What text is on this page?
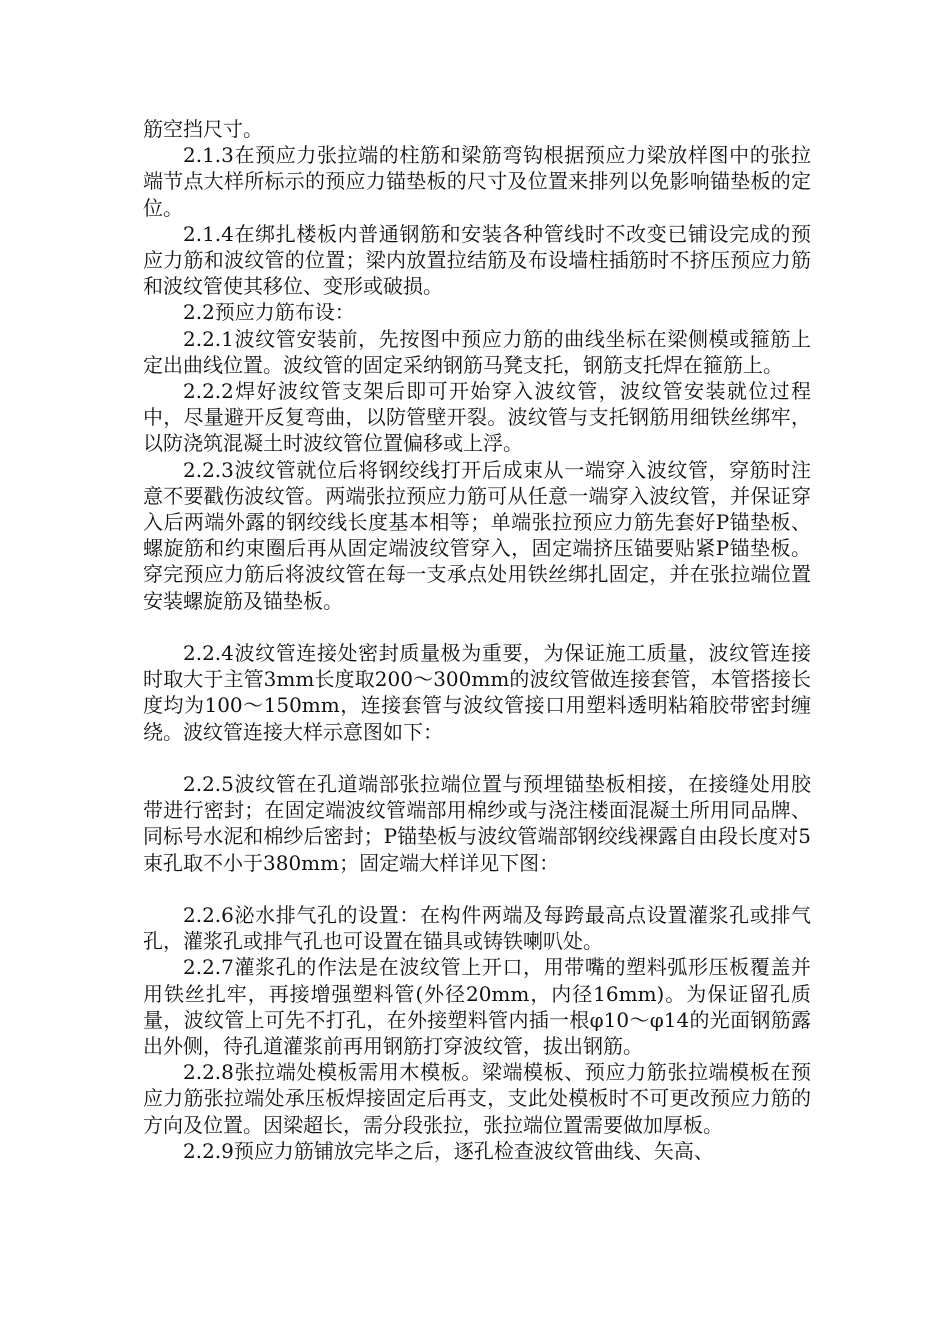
筋空挡尺寸。

2.1.3在预应力张拉端的柱筋和梁筋弯钩根据预应力梁放样图中的张拉端节点大样所标示的预应力锚垫板的尺寸及位置来排列以免影响锚垫板的定位。

2.1.4在绑扎楼板内普通钢筋和安装各种管线时不改变已铺设完成的预应力筋和波纹管的位置；梁内放置拉结筋及布设墙柱插筋时不挤压预应力筋和波纹管使其移位、变形或破损。

2.2预应力筋布设：

2.2.1波纹管安装前，先按图中预应力筋的曲线坐标在梁侧模或箍筋上定出曲线位置。波纹管的固定采纳钢筋马凳支托，钢筋支托焊在箍筋上。

2.2.2焊好波纹管支架后即可开始穿入波纹管，波纹管安装就位过程中，尽量避开反复弯曲，以防管壁开裂。波纹管与支托钢筋用细铁丝绑牢，以防浇筑混凝土时波纹管位置偏移或上浮。

2.2.3波纹管就位后将钢绞线打开后成束从一端穿入波纹管，穿筋时注意不要戳伤波纹管。两端张拉预应力筋可从任意一端穿入波纹管，并保证穿入后两端外露的钢绞线长度基本相等；单端张拉预应力筋先套好P锚垫板、螺旋筋和约束圈后再从固定端波纹管穿入，固定端挤压锚要贴紧P锚垫板。穿完预应力筋后将波纹管在每一支承点处用铁丝绑扎固定，并在张拉端位置安装螺旋筋及锚垫板。

2.2.4波纹管连接处密封质量极为重要，为保证施工质量，波纹管连接时取大于主管3mm长度取200～300mm的波纹管做连接套管，本管搭接长度均为100～150mm，连接套管与波纹管接口用塑料透明粘箱胶带密封缠绕。波纹管连接大样示意图如下：

2.2.5波纹管在孔道端部张拉端位置与预埋锚垫板相接，在接缝处用胶带进行密封；在固定端波纹管端部用棉纱或与浇注楼面混凝土所用同品牌、同标号水泥和棉纱后密封；P锚垫板与波纹管端部钢绞线裸露自由段长度对5束孔取不小于380mm；固定端大样详见下图：

2.2.6泌水排气孔的设置：在构件两端及每跨最高点设置灌浆孔或排气孔，灌浆孔或排气孔也可设置在锚具或铸铁喇叭处。

2.2.7灌浆孔的作法是在波纹管上开口，用带嘴的塑料弧形压板覆盖并用铁丝扎牢，再接增强塑料管(外径20mm，内径16mm)。为保证留孔质量，波纹管上可先不打孔，在外接塑料管内插一根φ10～φ14的光面钢筋露出外侧，待孔道灌浆前再用钢筋打穿波纹管，拔出钢筋。

2.2.8张拉端处模板需用木模板。梁端模板、预应力筋张拉端模板在预应力筋张拉端处承压板焊接固定后再支，支此处模板时不可更改预应力筋的方向及位置。因梁超长，需分段张拉，张拉端位置需要做加厚板。

2.2.9预应力筋铺放完毕之后，逐孔检查波纹管曲线、矢高、
